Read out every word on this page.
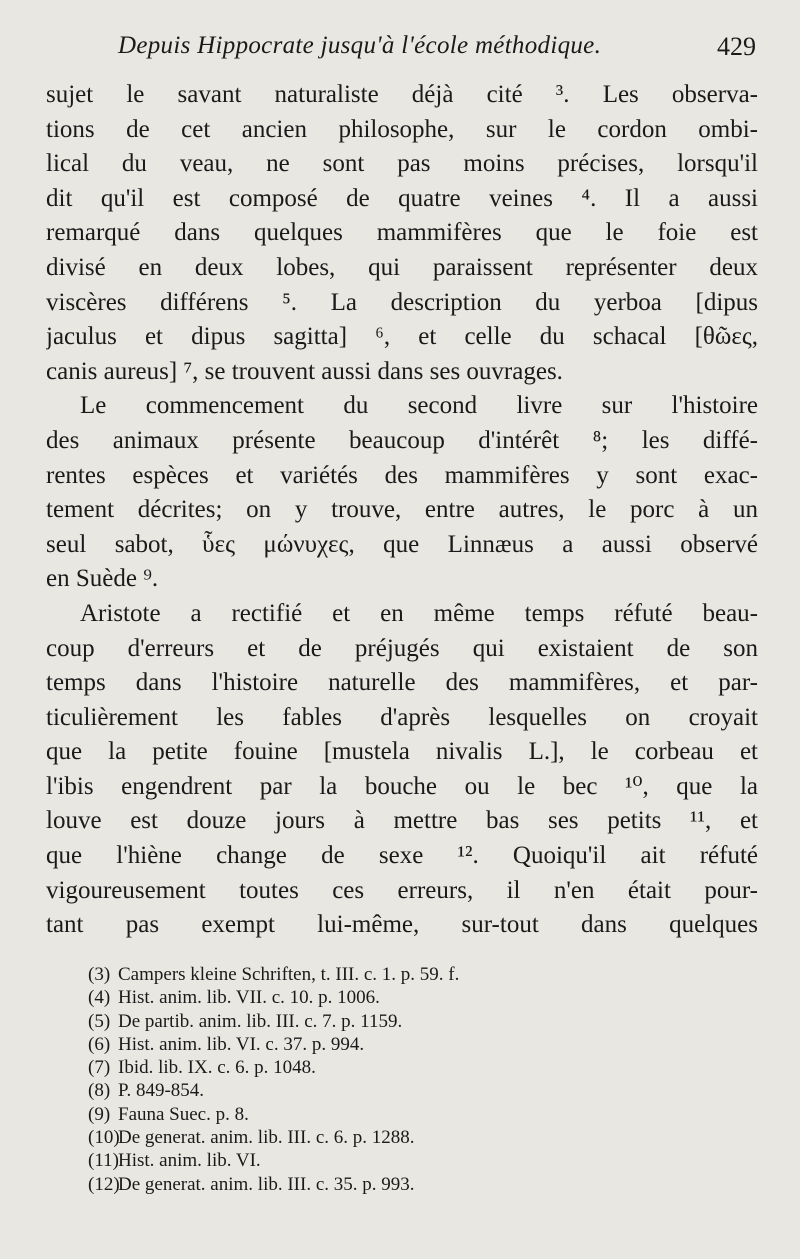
Depuis Hippocrate jusqu'à l'école méthodique.	429
sujet le savant naturaliste déjà cité ³. Les observa-
tions de cet ancien philosophe, sur le cordon ombi-
lical du veau, ne sont pas moins précises, lorsqu'il
dit qu'il est composé de quatre veines ⁴. Il a aussi
remarqué dans quelques mammifères que le foie est
divisé en deux lobes, qui paraissent représenter deux
viscères différens ⁵. La description du yerboa [dipus
jaculus et dipus sagitta] ⁶, et celle du schacal [θῶες,
canis aureus] ⁷, se trouvent aussi dans ses ouvrages.
Le commencement du second livre sur l'histoire
des animaux présente beaucoup d'intérêt ⁸; les diffé-
rentes espèces et variétés des mammifères y sont exac-
tement décrites; on y trouve, entre autres, le porc à un
seul sabot, ὗες μώνυχες, que Linnæus a aussi observé
en Suède ⁹.
Aristote a rectifié et en même temps réfuté beau-
coup d'erreurs et de préjugés qui existaient de son
temps dans l'histoire naturelle des mammifères, et par-
ticulièrement les fables d'après lesquelles on croyait
que la petite fouine [mustela nivalis L.], le corbeau et
l'ibis engendrent par la bouche ou le bec ¹⁰, que la
louve est douze jours à mettre bas ses petits ¹¹, et
que l'hiène change de sexe ¹². Quoiqu'il ait réfuté
vigoureusement toutes ces erreurs, il n'en était pour-
tant pas exempt lui-même, sur-tout dans quelques
(3) Campers kleine Schriften, t. III. c. 1. p. 59. f.
(4) Hist. anim. lib. VII. c. 10. p. 1006.
(5) De partib. anim. lib. III. c. 7. p. 1159.
(6) Hist. anim. lib. VI. c. 37. p. 994.
(7) Ibid. lib. IX. c. 6. p. 1048.
(8) P. 849-854.
(9) Fauna Suec. p. 8.
(10)De generat. anim. lib. III. c. 6. p. 1288.
(11)Hist. anim. lib. VI.
(12)De generat. anim. lib. III. c. 35. p. 993.
